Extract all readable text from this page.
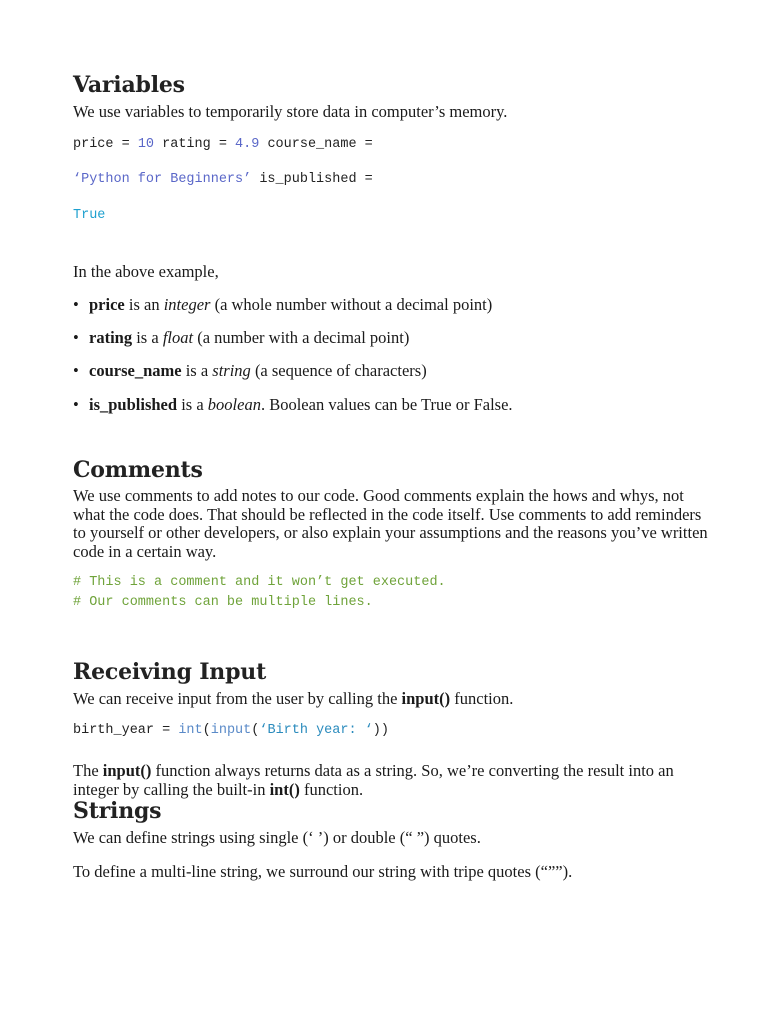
Variables
We use variables to temporarily store data in computer’s memory.
price = 10 rating = 4.9 course_name =
‘Python for Beginners’ is_published =
True
In the above example,
• price is an integer (a whole number without a decimal point)
• rating is a float (a number with a decimal point)
• course_name is a string (a sequence of characters)
• is_published is a boolean. Boolean values can be True or False.
Comments
We use comments to add notes to our code. Good comments explain the hows and whys, not what the code does. That should be reflected in the code itself. Use comments to add reminders to yourself or other developers, or also explain your assumptions and the reasons you’ve written code in a certain way.
# This is a comment and it won’t get executed.
# Our comments can be multiple lines.
Receiving Input
We can receive input from the user by calling the input() function.
birth_year = int(input(‘Birth year: ‘))
The input() function always returns data as a string. So, we’re converting the result into an integer by calling the built-in int() function.
Strings
We can define strings using single (‘ ’) or double (“ ”) quotes.
To define a multi-line string, we surround our string with tripe quotes (“””).
